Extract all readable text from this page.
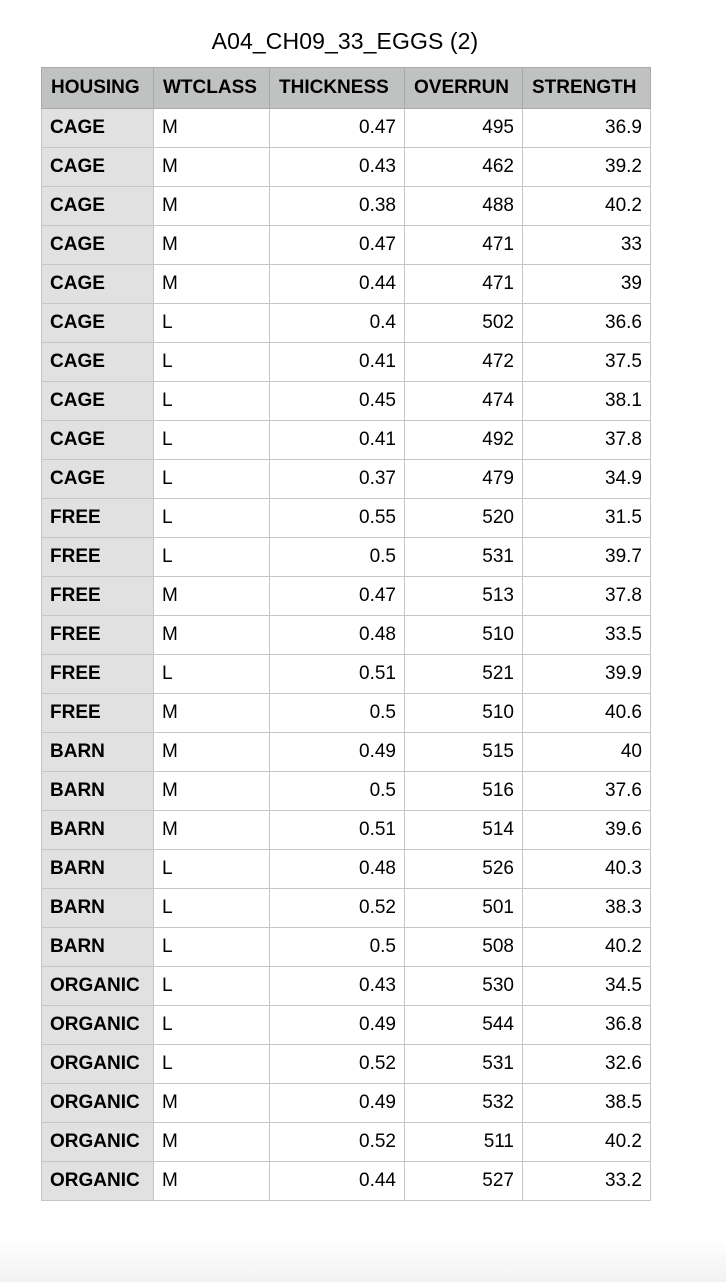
A04_CH09_33_EGGS (2)
HOUSING	WTCLASS	THICKNESS	OVERRUN	STRENGTH
CAGE	M	0.47	495	36.9
CAGE	M	0.43	462	39.2
CAGE	M	0.38	488	40.2
CAGE	M	0.47	471	33
CAGE	M	0.44	471	39
CAGE	L	0.4	502	36.6
CAGE	L	0.41	472	37.5
CAGE	L	0.45	474	38.1
CAGE	L	0.41	492	37.8
CAGE	L	0.37	479	34.9
FREE	L	0.55	520	31.5
FREE	L	0.5	531	39.7
FREE	M	0.47	513	37.8
FREE	M	0.48	510	33.5
FREE	L	0.51	521	39.9
FREE	M	0.5	510	40.6
BARN	M	0.49	515	40
BARN	M	0.5	516	37.6
BARN	M	0.51	514	39.6
BARN	L	0.48	526	40.3
BARN	L	0.52	501	38.3
BARN	L	0.5	508	40.2
ORGANIC	L	0.43	530	34.5
ORGANIC	L	0.49	544	36.8
ORGANIC	L	0.52	531	32.6
ORGANIC	M	0.49	532	38.5
ORGANIC	M	0.52	511	40.2
ORGANIC	M	0.44	527	33.2
